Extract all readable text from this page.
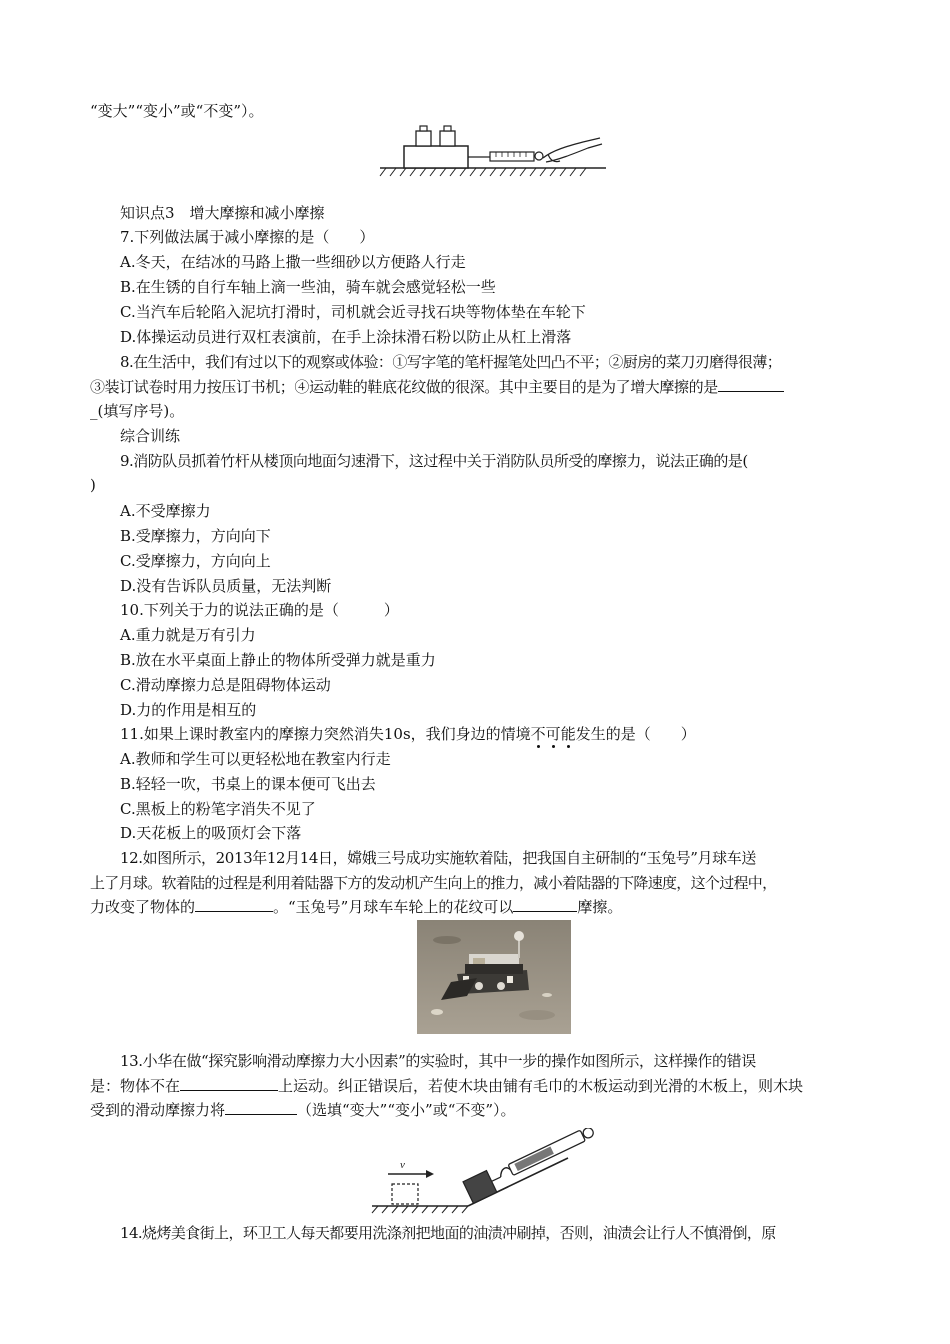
“变大”“变小”或“不变”）。
知识点3　增大摩擦和减小摩擦
7.下列做法属于减小摩擦的是（　　）
A.冬天，在结冰的马路上撒一些细砂以方便路人行走
B.在生锈的自行车轴上滴一些油，骑车就会感觉轻松一些
C.当汽车后轮陷入泥坑打滑时，司机就会近寻找石块等物体垫在车轮下
D.体操运动员进行双杠表演前，在手上涂抹滑石粉以防止从杠上滑落
8.在生活中，我们有过以下的观察或体验：①写字笔的笔杆握笔处凹凸不平；②厨房的菜刀刃磨得很薄；
③装订试卷时用力按压订书机；④运动鞋的鞋底花纹做的很深。其中主要目的是为了增大摩擦的是
_(填写序号)。
综合训练
9.消防队员抓着竹杆从楼顶向地面匀速滑下，这过程中关于消防队员所受的摩擦力，说法正确的是(
)
A.不受摩擦力
B.受摩擦力，方向向下
C.受摩擦力，方向向上
D.没有告诉队员质量，无法判断
10.下列关于力的说法正确的是（　　　）
A.重力就是万有引力
B.放在水平桌面上静止的物体所受弹力就是重力
C.滑动摩擦力总是阻碍物体运动
D.力的作用是相互的
11.如果上课时教室内的摩擦力突然消失10s，我们身边的情境不可能发生的是（　　）
A.教师和学生可以更轻松地在教室内行走
B.轻轻一吹，书桌上的课本便可飞出去
C.黑板上的粉笔字消失不见了
D.天花板上的吸顶灯会下落
12.如图所示，2013年12月14日，嫦娥三号成功实施软着陆，把我国自主研制的“玉兔号”月球车送
上了月球。软着陆的过程是利用着陆器下方的发动机产生向上的推力，减小着陆器的下降速度，这个过程中，
力改变了物体的	。“玉兔号”月球车车轮上的花纹可以	摩擦。
13.小华在做“探究影响滑动摩擦力大小因素”的实验时，其中一步的操作如图所示，这样操作的错误
是：物体不在	上运动。纠正错误后，若使木块由铺有毛巾的木板运动到光滑的木板上，则木块
受到的滑动摩擦力将	（选填“变大”“变小”或“不变”）。
v
14.烧烤美食街上，环卫工人每天都要用洗涤剂把地面的油渍冲刷掉，否则，油渍会让行人不慎滑倒，原
